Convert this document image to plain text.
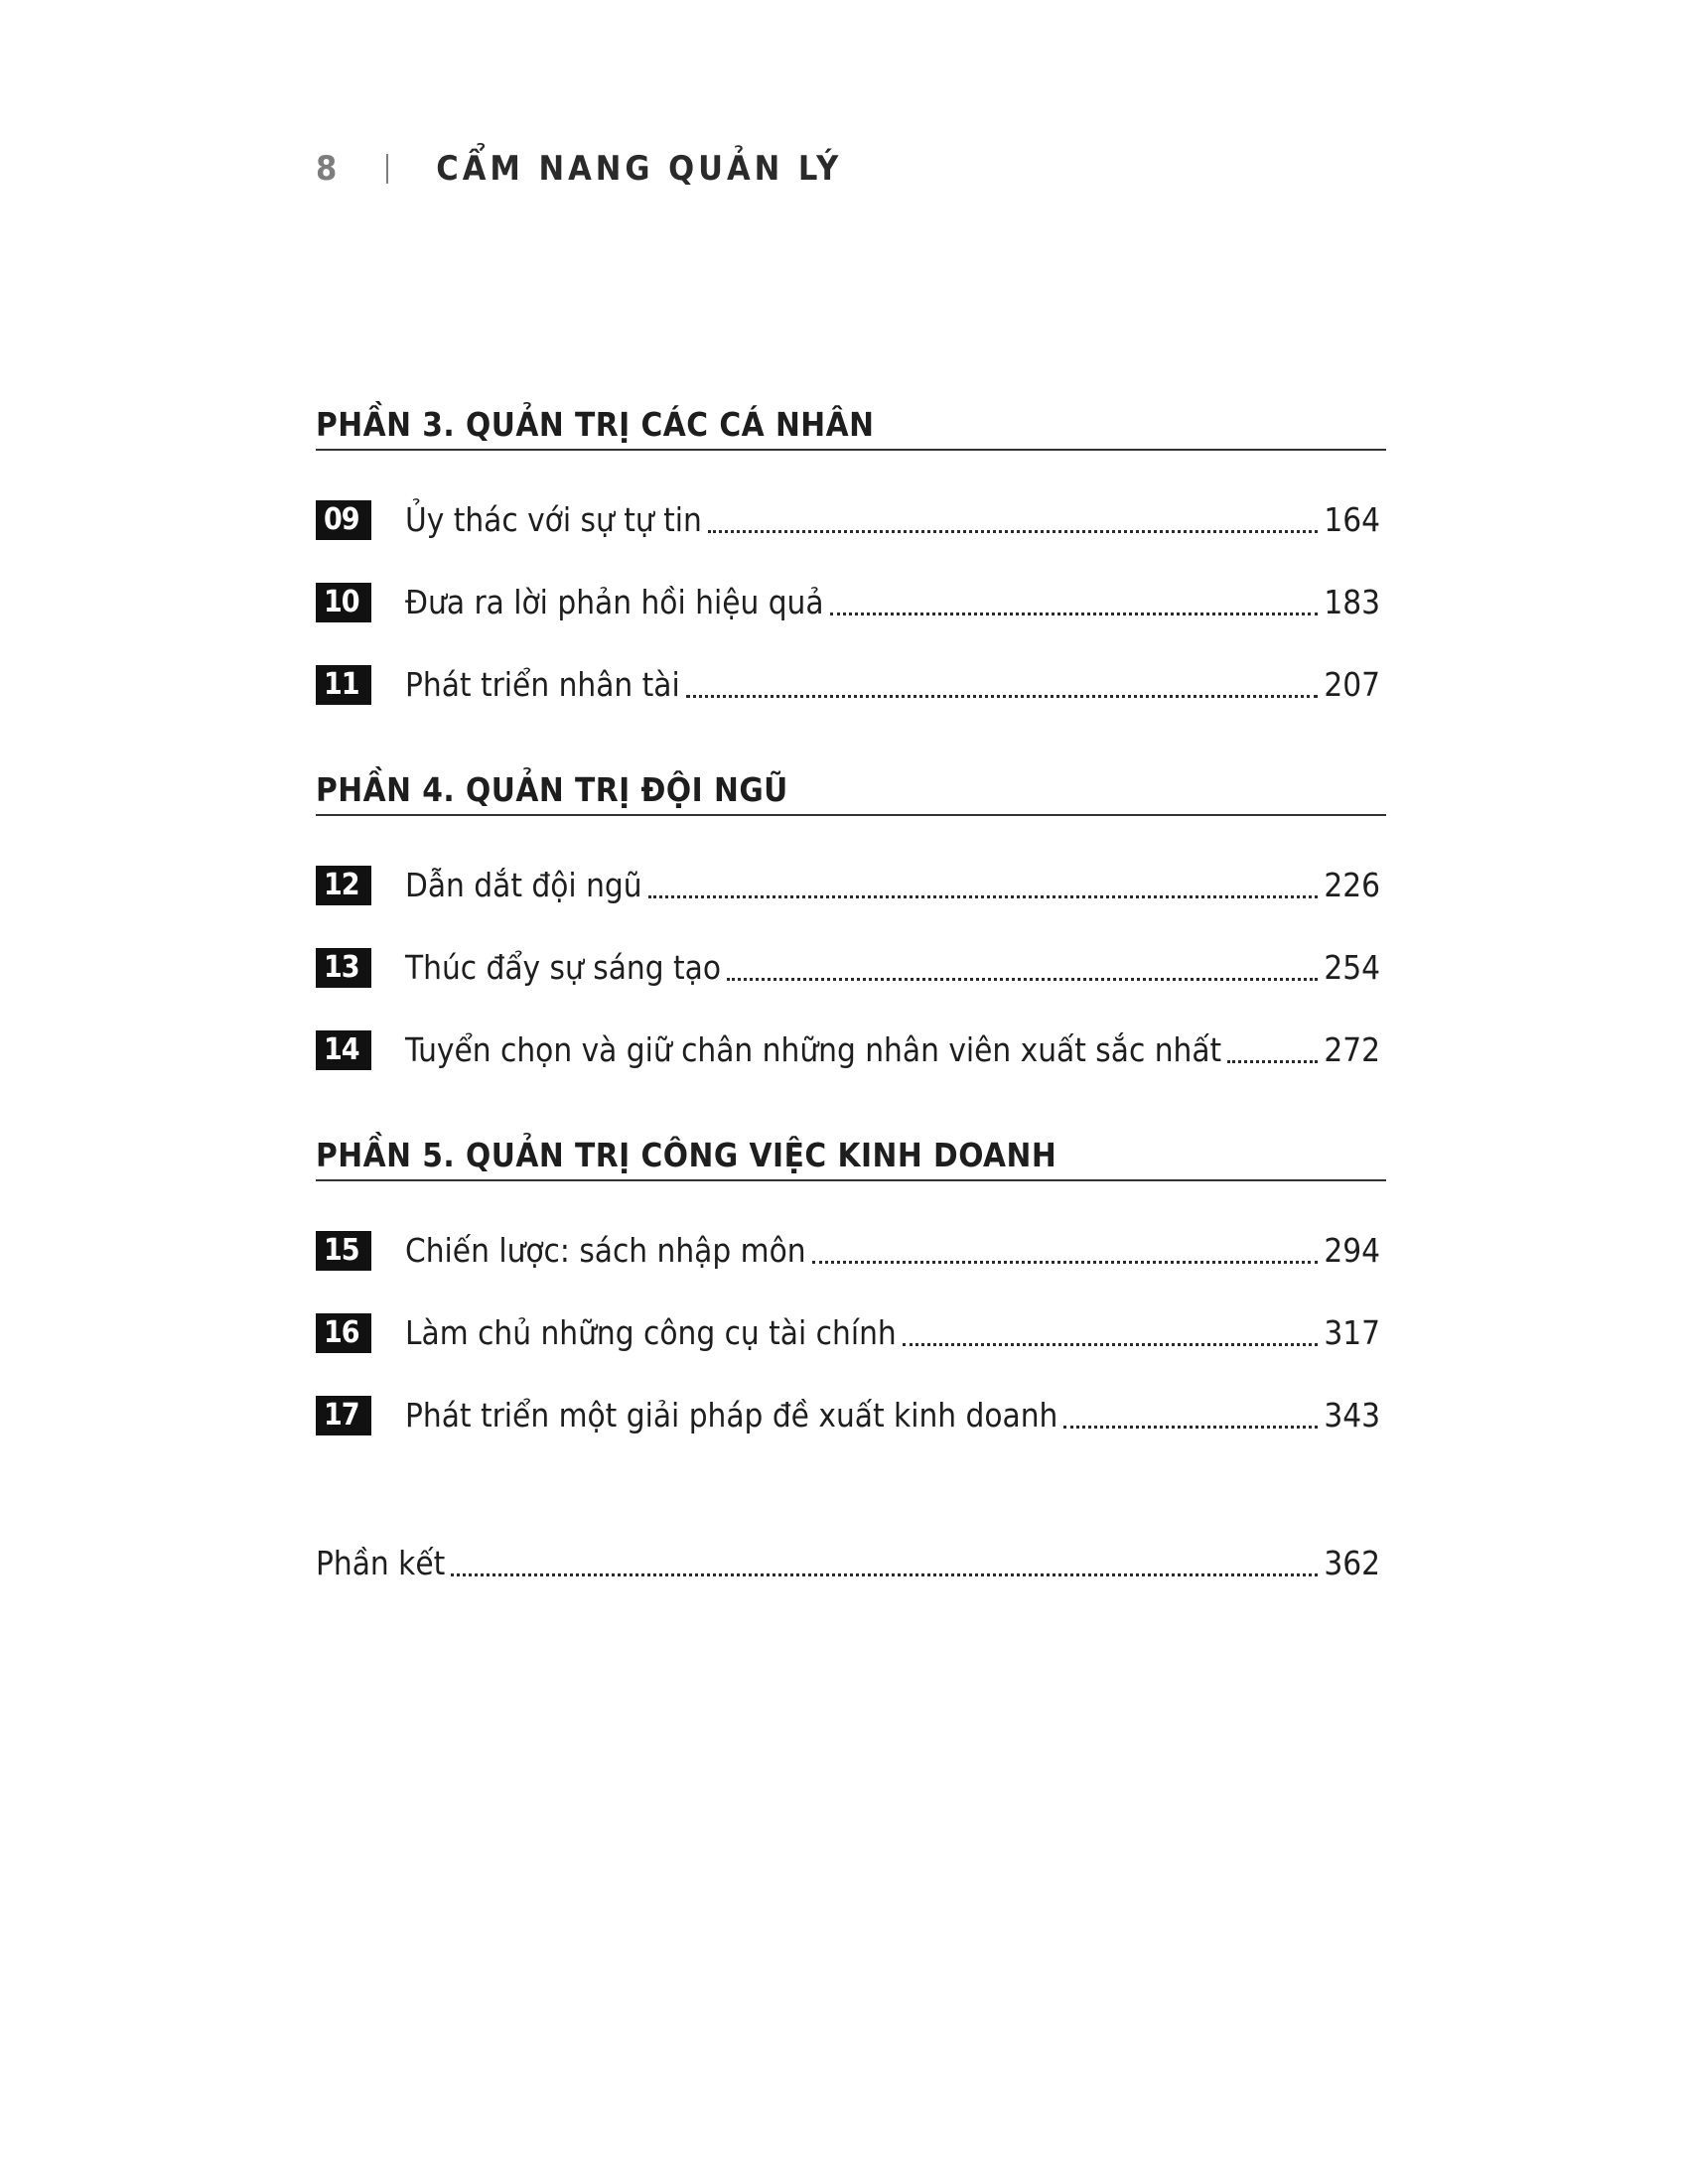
8	CẨM NANG QUẢN LÝ
PHẦN 3. QUẢN TRỊ CÁC CÁ NHÂN
09	Ủy thác với sự tự tin	164
10	Đưa ra lời phản hồi hiệu quả	183
11	Phát triển nhân tài	207
PHẦN 4. QUẢN TRỊ ĐỘI NGŨ
12	Dẫn dắt đội ngũ	226
13	Thúc đẩy sự sáng tạo	254
14	Tuyển chọn và giữ chân những nhân viên xuất sắc nhất	272
PHẦN 5. QUẢN TRỊ CÔNG VIỆC KINH DOANH
15	Chiến lược: sách nhập môn	294
16	Làm chủ những công cụ tài chính	317
17	Phát triển một giải pháp đề xuất kinh doanh	343
Phần kết	362
